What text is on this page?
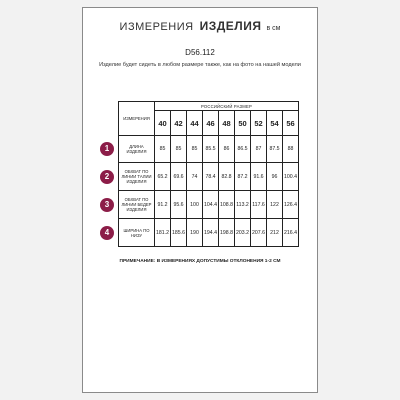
ИЗМЕРЕНИЯ ИЗДЕЛИЯ в см
D56.112
Изделие будет сидеть в любом размере также, как на фото на нашей модели
	ИЗМЕРЕНИЯ	РОССИЙСКИЙ РАЗМЕР								
		40	42	44	46	48	50	52	54	56
1	ДЛИНА ИЗДЕЛИЯ	85	85	85	85.5	86	86.5	87	87.5	88
2	ОБХВАТ ПО ЛИНИИ ТАЛИИ ИЗДЕЛИЯ	65.2	69.6	74	78.4	82.8	87.2	91.6	96	100.4
3	ОБХВАТ ПО ЛИНИИ БЕДЕР ИЗДЕЛИЯ	91.2	95.6	100	104.4	108.8	113.2	117.6	122	126.4
4	ШИРИНА ПО НИЗУ	181.2	185.6	190	194.4	198.8	203.2	207.6	212	216.4
ПРИМЕЧАНИЕ: В ИЗМЕРЕНИЯХ ДОПУСТИМЫ ОТКЛОНЕНИЯ 1-2 СМ
